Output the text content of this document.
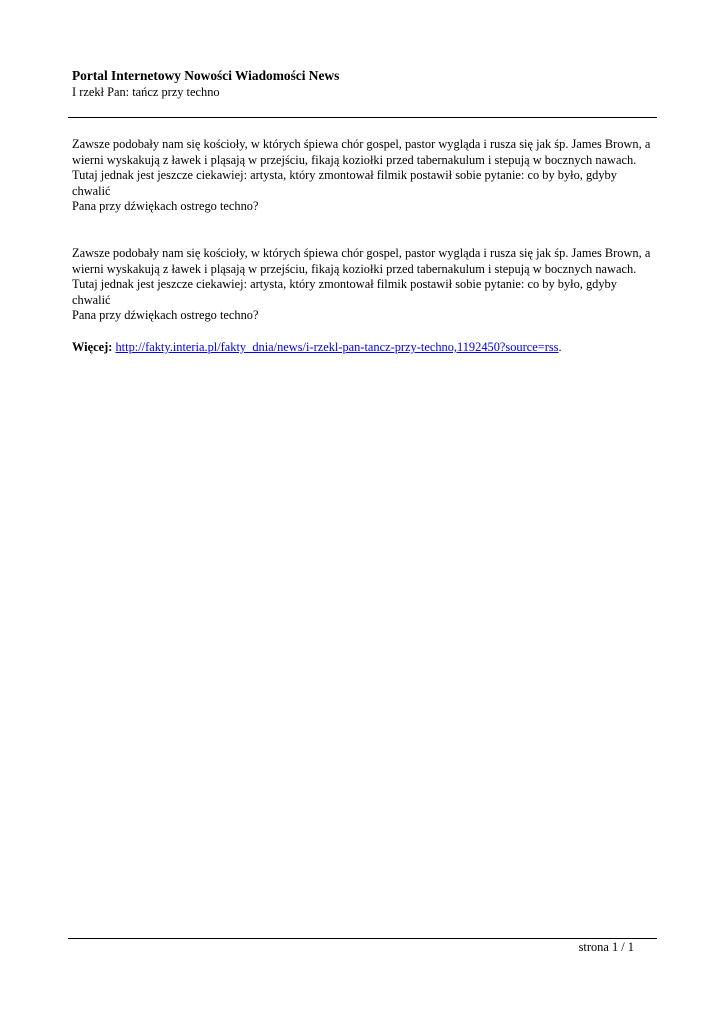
Portal Internetowy Nowości Wiadomości News

I rzekł Pan: tańcz przy techno

Zawsze podobały nam się kościoły, w których śpiewa chór gospel, pastor wygląda i rusza się jak śp. James Brown, a
wierni wyskakują z ławek i pląsają w przejściu, fikają koziołki przed tabernakulum i stepują w bocznych nawach.
Tutaj jednak jest jeszcze ciekawiej: artysta, który zmontował filmik postawił sobie pytanie: co by było, gdyby chwalić
Pana przy dźwiękach ostrego techno?

Zawsze podobały nam się kościoły, w których śpiewa chór gospel, pastor wygląda i rusza się jak śp. James Brown, a
wierni wyskakują z ławek i pląsają w przejściu, fikają koziołki przed tabernakulum i stepują w bocznych nawach.
Tutaj jednak jest jeszcze ciekawiej: artysta, który zmontował filmik postawił sobie pytanie: co by było, gdyby chwalić
Pana przy dźwiękach ostrego techno?

Więcej: http://fakty.interia.pl/fakty_dnia/news/i-rzekl-pan-tancz-przy-techno,1192450?source=rss.

strona 1 / 1
